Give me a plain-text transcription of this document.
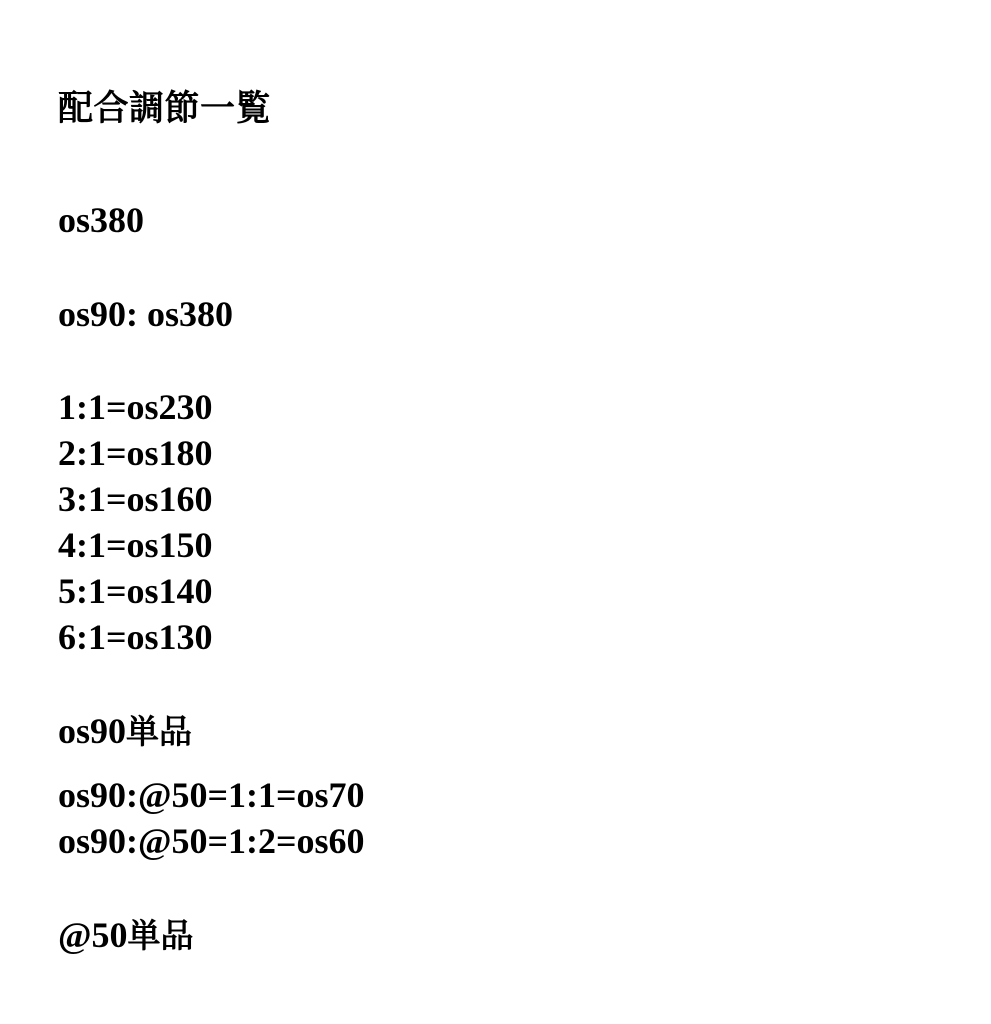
配合調節一覧
os380
os90: os380
1:1=os230
2:1=os180
3:1=os160
4:1=os150
5:1=os140
6:1=os130
os90単品
os90:@50=1:1=os70
os90:@50=1:2=os60
@50単品
